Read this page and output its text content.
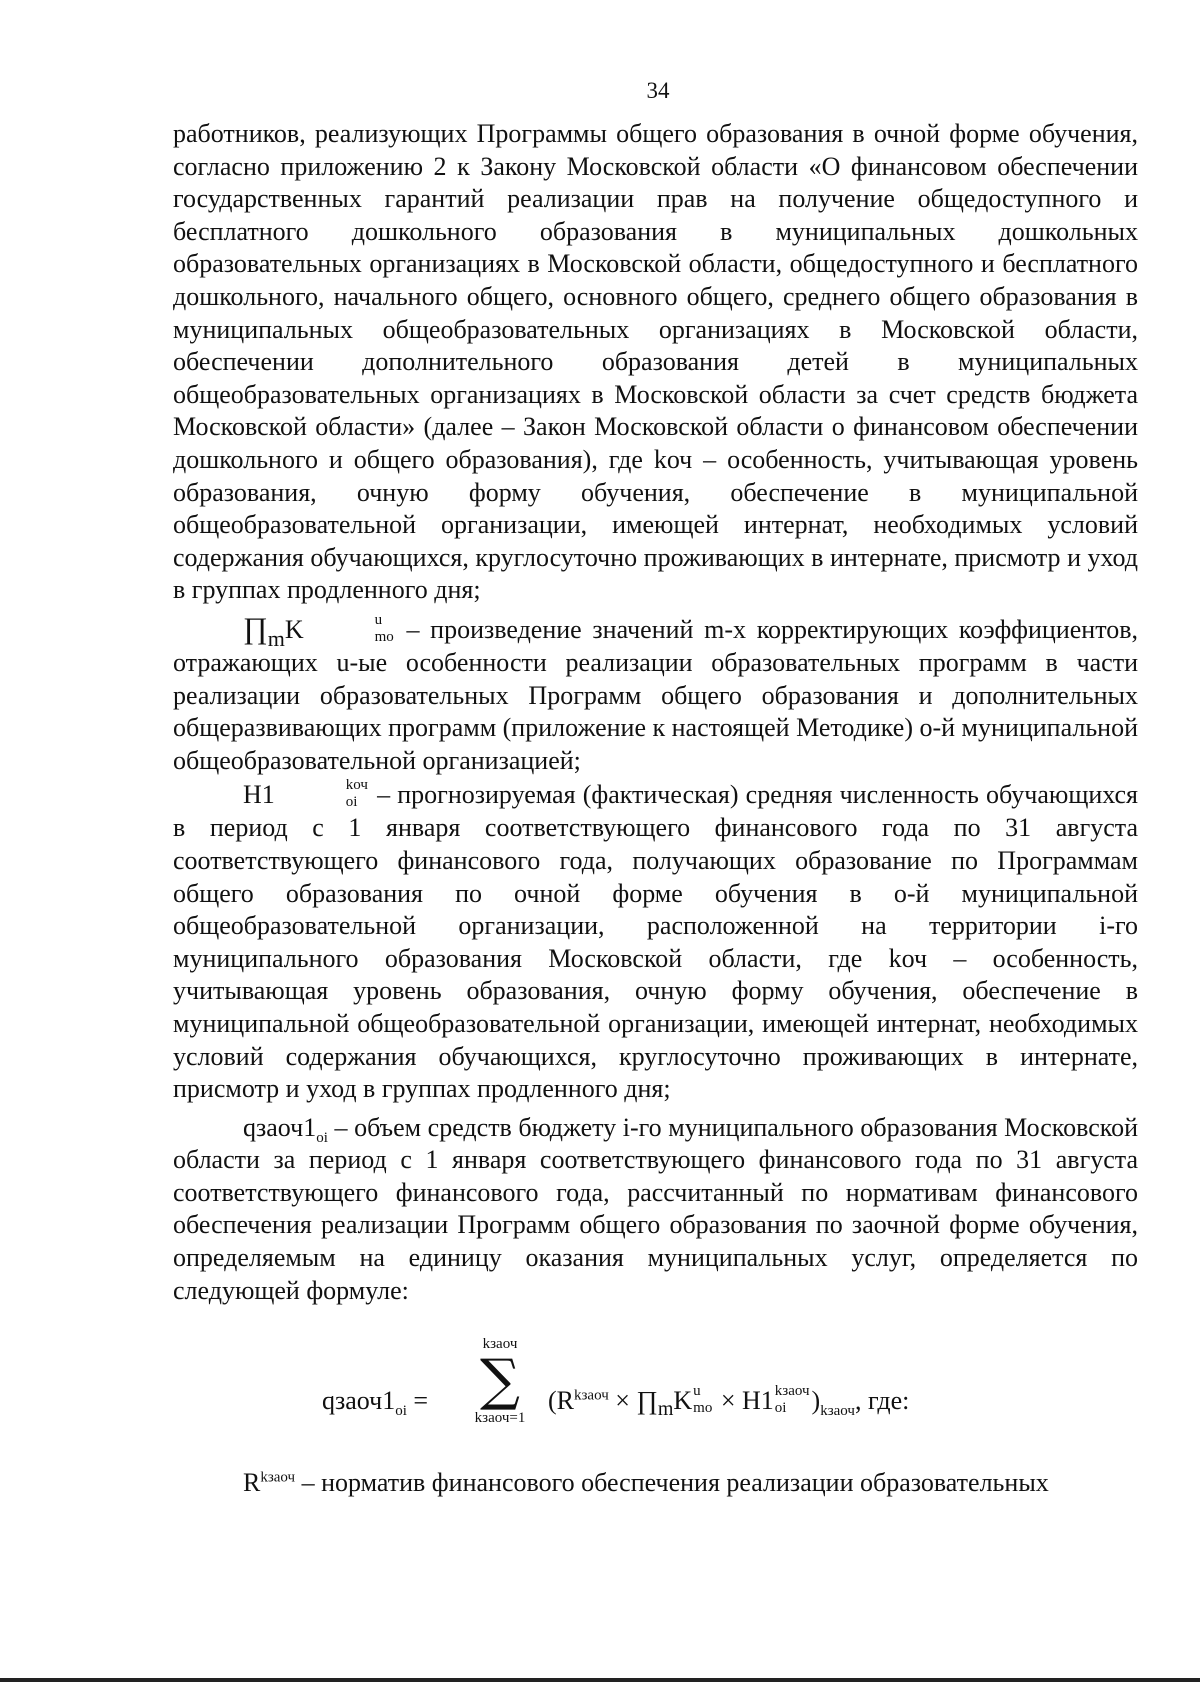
34

работников, реализующих Программы общего образования в очной форме обучения, согласно приложению 2 к Закону Московской области «О финансовом обеспечении государственных гарантий реализации прав на получение общедоступного и бесплатного дошкольного образования в муниципальных дошкольных образовательных организациях в Московской области, общедоступного и бесплатного дошкольного, начального общего, основного общего, среднего общего образования в муниципальных общеобразовательных организациях в Московской области, обеспечении дополнительного образования детей в муниципальных общеобразовательных организациях в Московской области за счет средств бюджета Московской области» (далее – Закон Московской области о финансовом обеспечении дошкольного и общего образования), где kоч – особенность, учитывающая уровень образования, очную форму обучения, обеспечение в муниципальной общеобразовательной организации, имеющей интернат, необходимых условий содержания обучающихся, круглосуточно проживающих в интернате, присмотр и уход в группах продленного дня;

$\prod_mK$	u
mo – произведение значений m-х корректирующих коэффициентов, отражающих u-ые особенности реализации образовательных программ в части реализации образовательных Программ общего образования и дополнительных общеразвивающих программ (приложение к настоящей Методике) o-й муниципальной общеобразовательной организацией;

H1	kоч
oi – прогнозируемая (фактическая) средняя численность обучающихся в период с 1 января соответствующего финансового года по 31 августа соответствующего финансового года, получающих образование по Программам общего образования по очной форме обучения в о-й муниципальной общеобразовательной организации, расположенной на территории i-го муниципального образования Московской области, где kоч – особенность, учитывающая уровень образования, очную форму обучения, обеспечение в муниципальной общеобразовательной организации, имеющей интернат, необходимых условий содержания обучающихся, круглосуточно проживающих в интернате, присмотр и уход в группах продленного дня;

$qзаоч1_{oi}$ – объем средств бюджету i-го муниципального образования Московской области за период с 1 января соответствующего финансового года по 31 августа соответствующего финансового года, рассчитанный по нормативам финансового обеспечения реализации Программ общего образования по заочной форме обучения, определяемым на единицу оказания муниципальных услуг, определяется по следующей формуле:

$qзаоч1_{oi}$ =
kзаоч
∑
kзаоч=1
($R^{kзаоч}$ × $\prod_mK$ u
mo × H1 kзаоч
oi )$_{kзаоч}$, где:

$R^{kзаоч}$ – норматив финансового обеспечения реализации образовательных
